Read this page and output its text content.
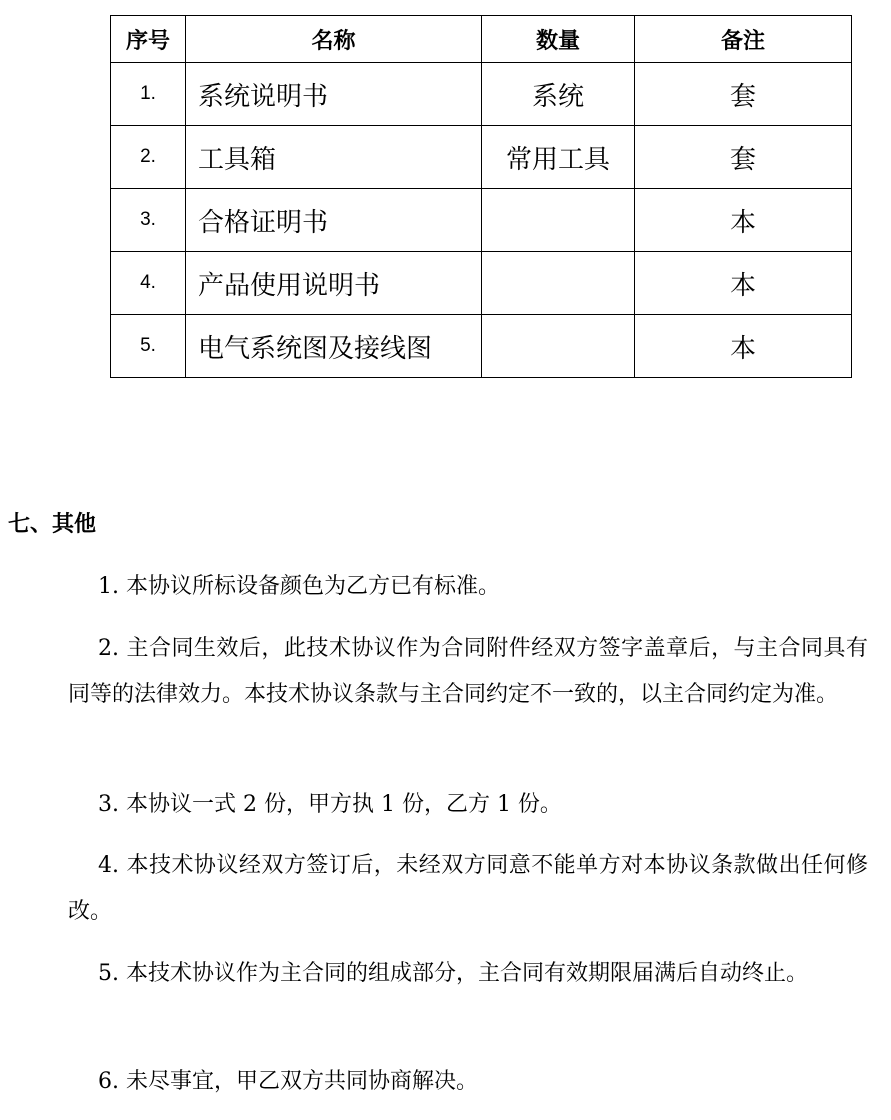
序号	名称	数量	备注
1.	系统说明书	系统	套
2.	工具箱	常用工具	套
3.	合格证明书		本
4.	产品使用说明书		本
5.	电气系统图及接线图		本
七、其他

1. 本协议所标设备颜色为乙方已有标准。

2. 主合同生效后，此技术协议作为合同附件经双方签字盖章后，与主合同具有同等的法律效力。本技术协议条款与主合同约定不一致的，以主合同约定为准。

3. 本协议一式 2 份，甲方执 1 份，乙方 1 份。

4. 本技术协议经双方签订后，未经双方同意不能单方对本协议条款做出任何修改。

5. 本技术协议作为主合同的组成部分，主合同有效期限届满后自动终止。

6. 未尽事宜，甲乙双方共同协商解决。
